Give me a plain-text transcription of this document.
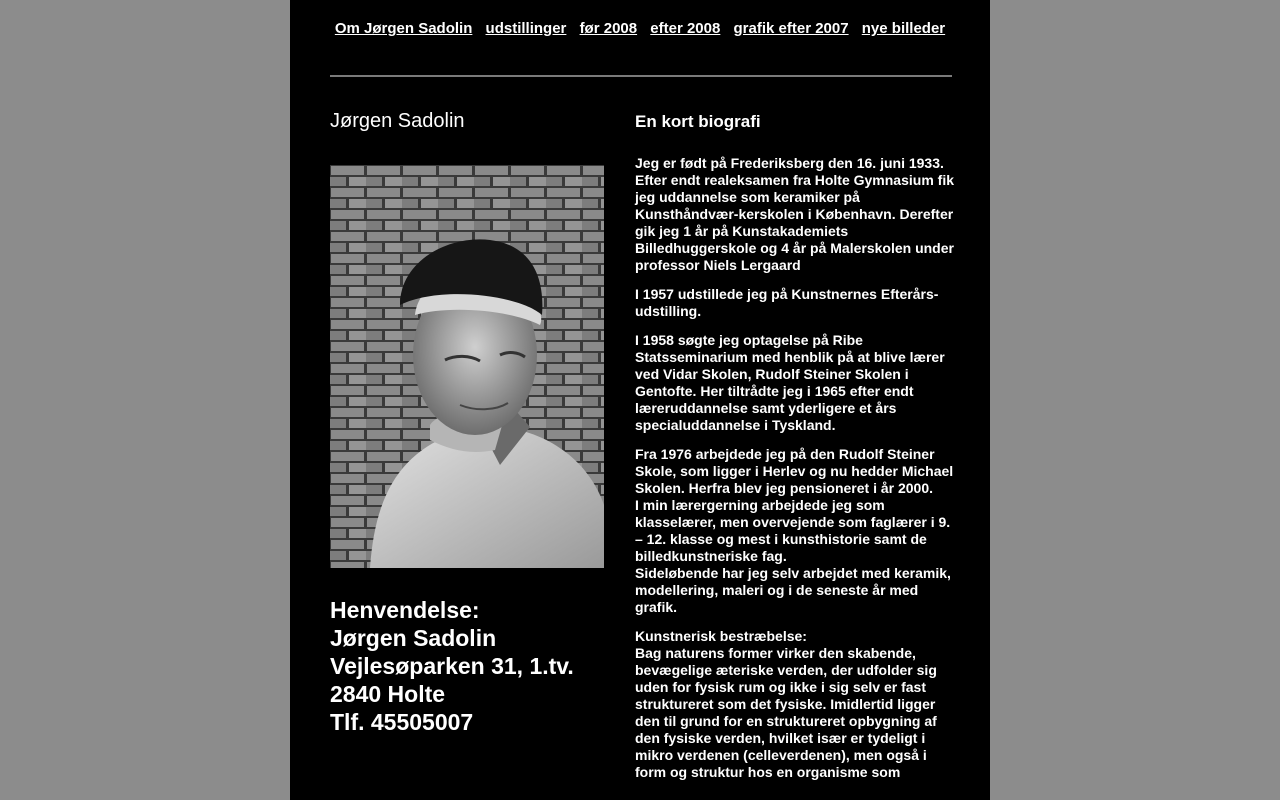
Om Jørgen Sadolin udstillinger før 2008 efter 2008 grafik efter 2007 nye billeder
Jørgen Sadolin
Henvendelse:
Jørgen Sadolin
Vejlesøparken 31, 1.tv.
2840 Holte
Tlf. 45505007
En kort biografi

Jeg er født på Frederiksberg den 16. juni 1933. Efter endt realeksamen fra Holte Gymnasium fik jeg uddannelse som keramiker på Kunsthåndvær-kerskolen i København. Derefter gik jeg 1 år på Kunstakademiets Billedhuggerskole og 4 år på Malerskolen under professor Niels Lergaard

I 1957 udstillede jeg på Kunstnernes Efterårs-udstilling.

I 1958 søgte jeg optagelse på Ribe Statsseminarium med henblik på at blive lærer ved Vidar Skolen, Rudolf Steiner Skolen i Gentofte. Her tiltrådte jeg i 1965 efter endt læreruddannelse samt yderligere et års specialuddannelse i Tyskland.

Fra 1976 arbejdede jeg på den Rudolf Steiner Skole, som ligger i Herlev og nu hedder Michael Skolen. Herfra blev jeg pensioneret i år 2000.
I min lærergerning arbejdede jeg som klasselærer, men overvejende som faglærer i 9. – 12. klasse og mest i kunsthistorie samt de billedkunstneriske fag.
Sideløbende har jeg selv arbejdet med keramik, modellering, maleri og i de seneste år med grafik.

Kunstnerisk bestræbelse:
Bag naturens former virker den skabende, bevægelige æteriske verden, der udfolder sig uden for fysisk rum og ikke i sig selv er fast struktureret som det fysiske. Imidlertid ligger den til grund for en struktureret opbygning af den fysiske verden, hvilket især er tydeligt i mikro verdenen (celleverdenen), men også i form og struktur hos en organisme som
